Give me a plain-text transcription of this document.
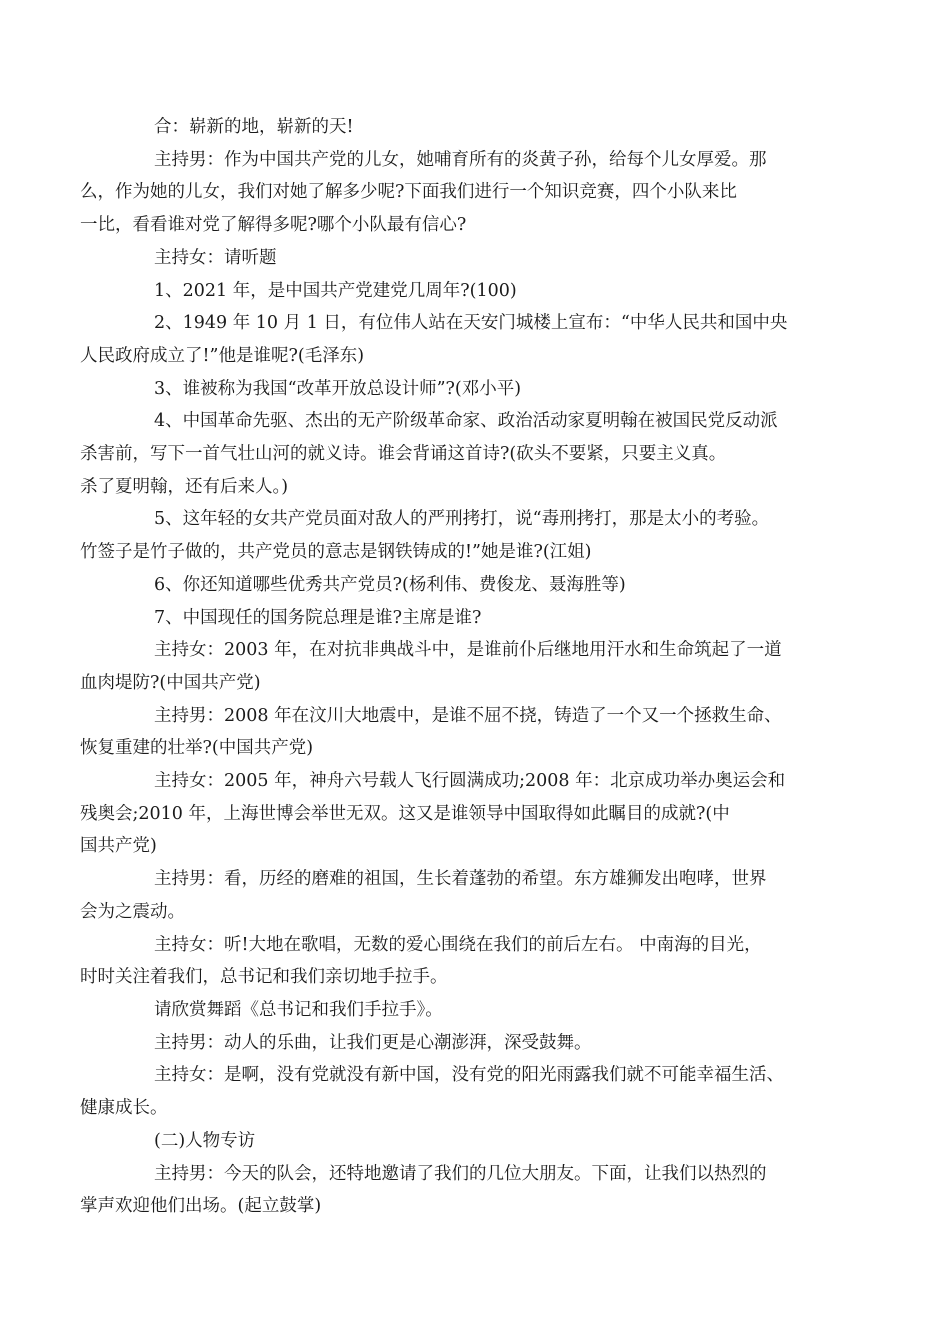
合：崭新的地，崭新的天!

主持男：作为中国共产党的儿女，她哺育所有的炎黄子孙，给每个儿女厚爱。那
么，作为她的儿女，我们对她了解多少呢?下面我们进行一个知识竞赛，四个小队来比
一比，看看谁对党了解得多呢?哪个小队最有信心?

主持女：请听题

1、2021 年，是中国共产党建党几周年?(100)

2、1949 年 10 月 1 日，有位伟人站在天安门城楼上宣布：“中华人民共和国中央
人民政府成立了!”他是谁呢?(毛泽东)

3、谁被称为我国“改革开放总设计师”?(邓小平)

4、中国革命先驱、杰出的无产阶级革命家、政治活动家夏明翰在被国民党反动派
杀害前，写下一首气壮山河的就义诗。谁会背诵这首诗?(砍头不要紧，只要主义真。
杀了夏明翰，还有后来人。)

5、这年轻的女共产党员面对敌人的严刑拷打，说“毒刑拷打，那是太小的考验。
竹签子是竹子做的，共产党员的意志是钢铁铸成的!”她是谁?(江姐)

6、你还知道哪些优秀共产党员?(杨利伟、费俊龙、聂海胜等)

7、中国现任的国务院总理是谁?主席是谁?

主持女：2003 年，在对抗非典战斗中，是谁前仆后继地用汗水和生命筑起了一道
血肉堤防?(中国共产党)

主持男：2008 年在汶川大地震中，是谁不屈不挠，铸造了一个又一个拯救生命、
恢复重建的壮举?(中国共产党)

主持女：2005 年，神舟六号载人飞行圆满成功;2008 年：北京成功举办奥运会和
残奥会;2010 年，上海世博会举世无双。这又是谁领导中国取得如此瞩目的成就?(中
国共产党)

主持男：看，历经的磨难的祖国，生长着蓬勃的希望。东方雄狮发出咆哮，世界
会为之震动。

主持女：听!大地在歌唱，无数的爱心围绕在我们的前后左右。 中南海的目光，
时时关注着我们，总书记和我们亲切地手拉手。

请欣赏舞蹈《总书记和我们手拉手》。

主持男：动人的乐曲，让我们更是心潮澎湃，深受鼓舞。

主持女：是啊，没有党就没有新中国，没有党的阳光雨露我们就不可能幸福生活、
健康成长。

(二)人物专访

主持男：今天的队会，还特地邀请了我们的几位大朋友。下面，让我们以热烈的
掌声欢迎他们出场。(起立鼓掌)
